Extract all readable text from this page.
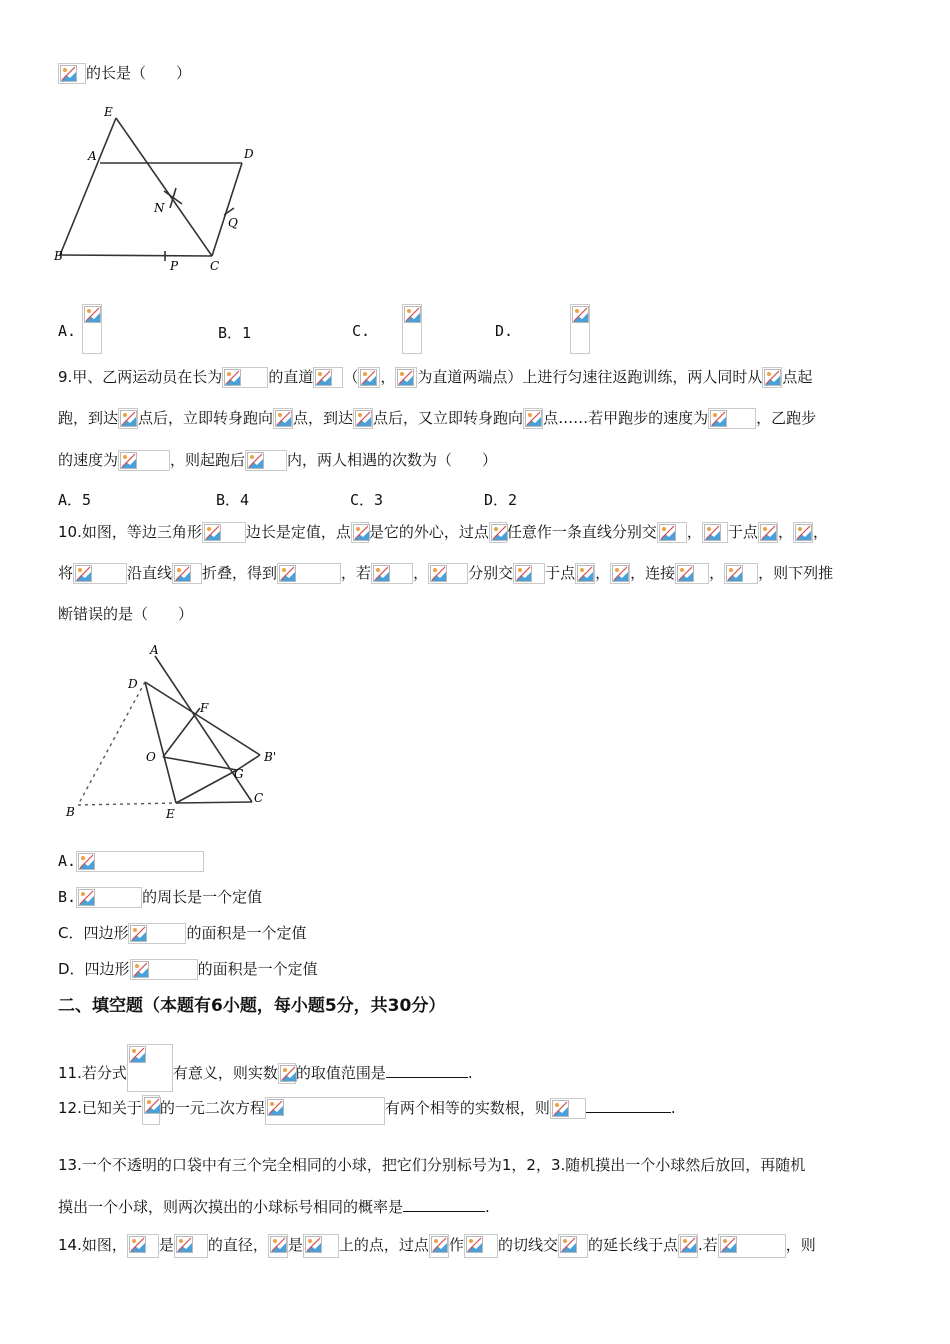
的长是（　　）
E
A	D
N
Q
B
P	C
A.
	B．1	C.
	D.
9.甲、乙两运动员在长为	的直道 （ ， 为直道两端点）上进行匀速往返跑训练，两人同时从 点起
跑，到达 点后，立即转身跑向 点，到达 点后，又立即转身跑向 点……若甲跑步的速度为	，乙跑步
的速度为	，则起跑后	内，两人相遇的次数为（　　）
A．5	B．4	C．3	D．2
10.如图，等边三角形	边长是定值，点 是它的外心，过点 任意作一条直线分别交 ， 于点 ， ，
将	沿直线 折叠，得到	，若	，	分别交 于点 ， ，连接 ， ，则下列推
断错误的是（　　）
A
D
F
O	B'
G
C
B	E
A.
B.	的周长是一个定值
C．四边形	的面积是一个定值
D．四边形	的面积是一个定值
二、填空题（本题有6小题，每小题5分，共30分）
11.若分式	有意义，则实数 的取值范围是	.
12.已知关于 的一元二次方程	有两个相等的实数根，则	.
13.一个不透明的口袋中有三个完全相同的小球，把它们分别标号为1，2，3.随机摸出一个小球然后放回，再随机
摸出一个小球，则两次摸出的小球标号相同的概率是	.
14.如图， 是 的直径， 是 上的点，过点 作 的切线交 的延长线于点 .若	，则
